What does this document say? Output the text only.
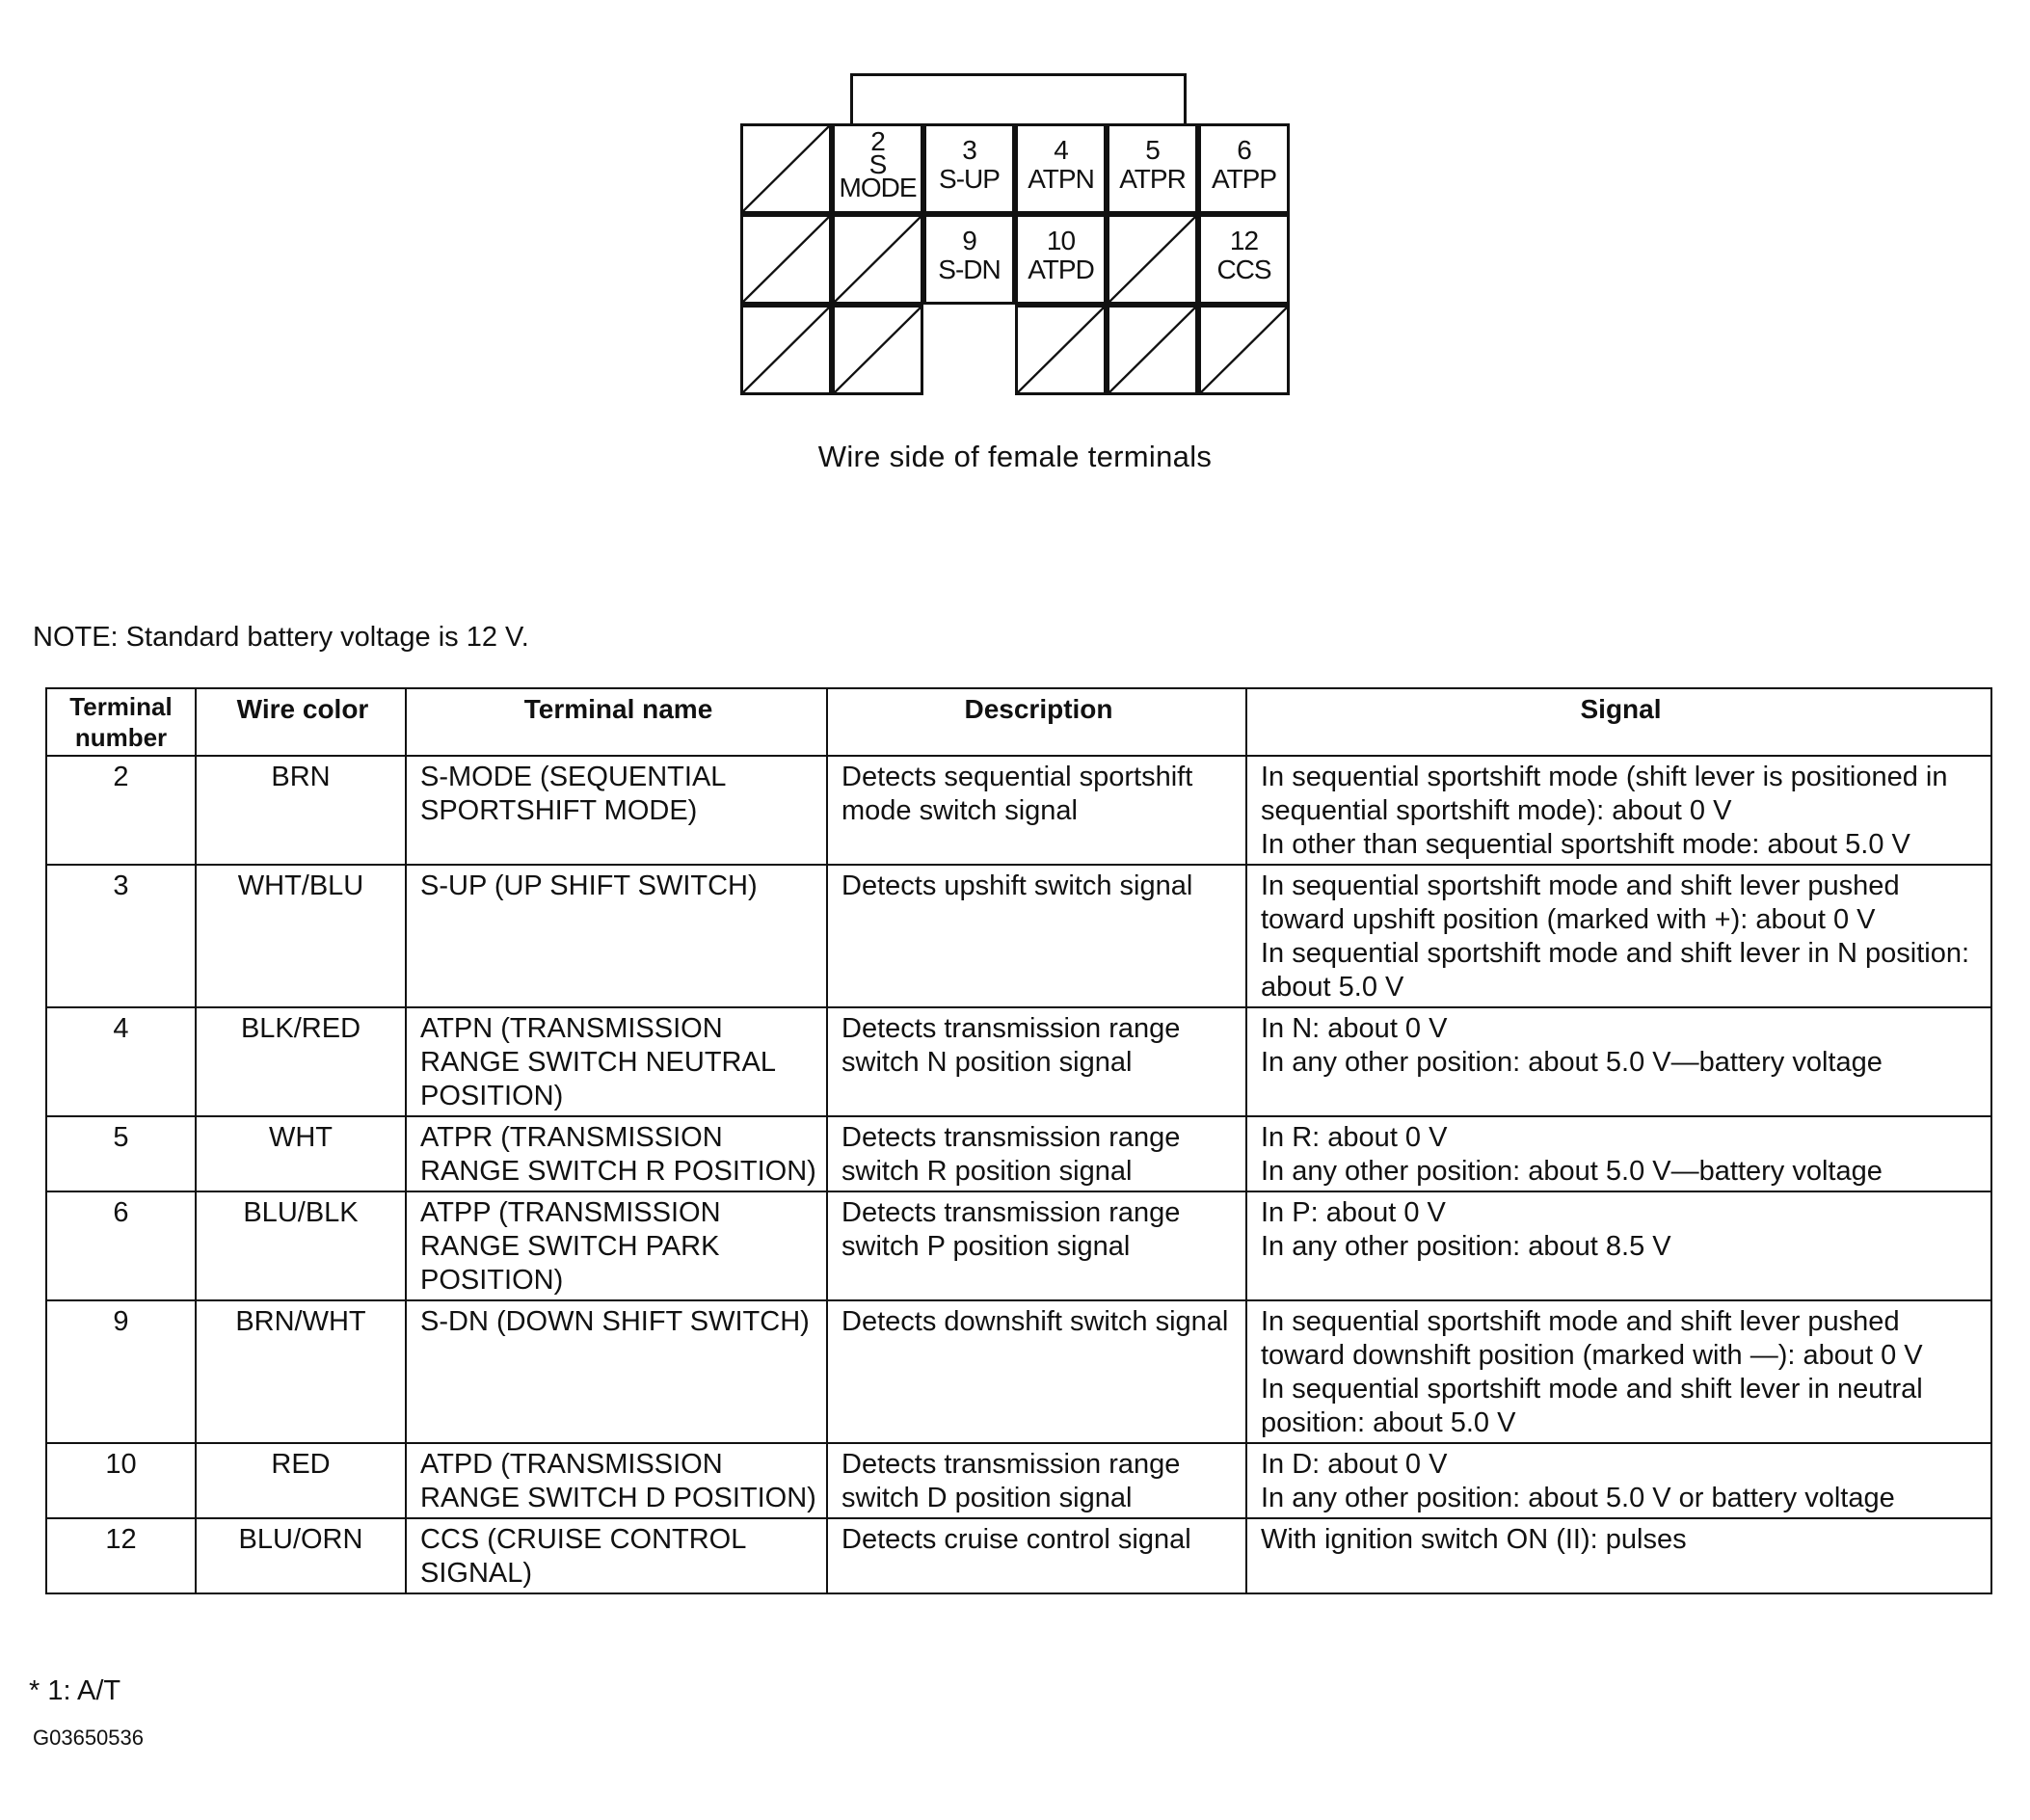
2
S
MODE
3
S-UP
4
ATPN
5
ATPR
6
ATPP
9
S-DN
10
ATPD
12
CCS
Wire side of female terminals
NOTE: Standard battery voltage is 12 V.
Terminal number	Wire color	Terminal name	Description	Signal
2	BRN	S-MODE (SEQUENTIAL SPORTSHIFT MODE)	Detects sequential sportshift mode switch signal	In sequential sportshift mode (shift lever is positioned in sequential sportshift mode): about 0 V
In other than sequential sportshift mode: about 5.0 V

3	WHT/BLU	S-UP (UP SHIFT SWITCH)	Detects upshift switch signal	In sequential sportshift mode and shift lever pushed toward upshift position (marked with +): about 0 V
In sequential sportshift mode and shift lever in N position: about 5.0 V

4	BLK/RED	ATPN (TRANSMISSION RANGE SWITCH NEUTRAL POSITION)	Detects transmission range switch N position signal	In N: about 0 V
In any other position: about 5.0 V—battery voltage

5	WHT	ATPR (TRANSMISSION RANGE SWITCH R POSITION)	Detects transmission range switch R position signal	In R: about 0 V
In any other position: about 5.0 V—battery voltage

6	BLU/BLK	ATPP (TRANSMISSION RANGE SWITCH PARK POSITION)	Detects transmission range switch P position signal	In P: about 0 V
In any other position: about 8.5 V

9	BRN/WHT	S-DN (DOWN SHIFT SWITCH)	Detects downshift switch signal	In sequential sportshift mode and shift lever pushed toward downshift position (marked with —): about 0 V
In sequential sportshift mode and shift lever in neutral position: about 5.0 V

10	RED	ATPD (TRANSMISSION RANGE SWITCH D POSITION)	Detects transmission range switch D position signal	In D: about 0 V
In any other position: about 5.0 V or battery voltage

12	BLU/ORN	CCS (CRUISE CONTROL SIGNAL)	Detects cruise control signal	With ignition switch ON (II): pulses
* 1: A/T
G03650536
